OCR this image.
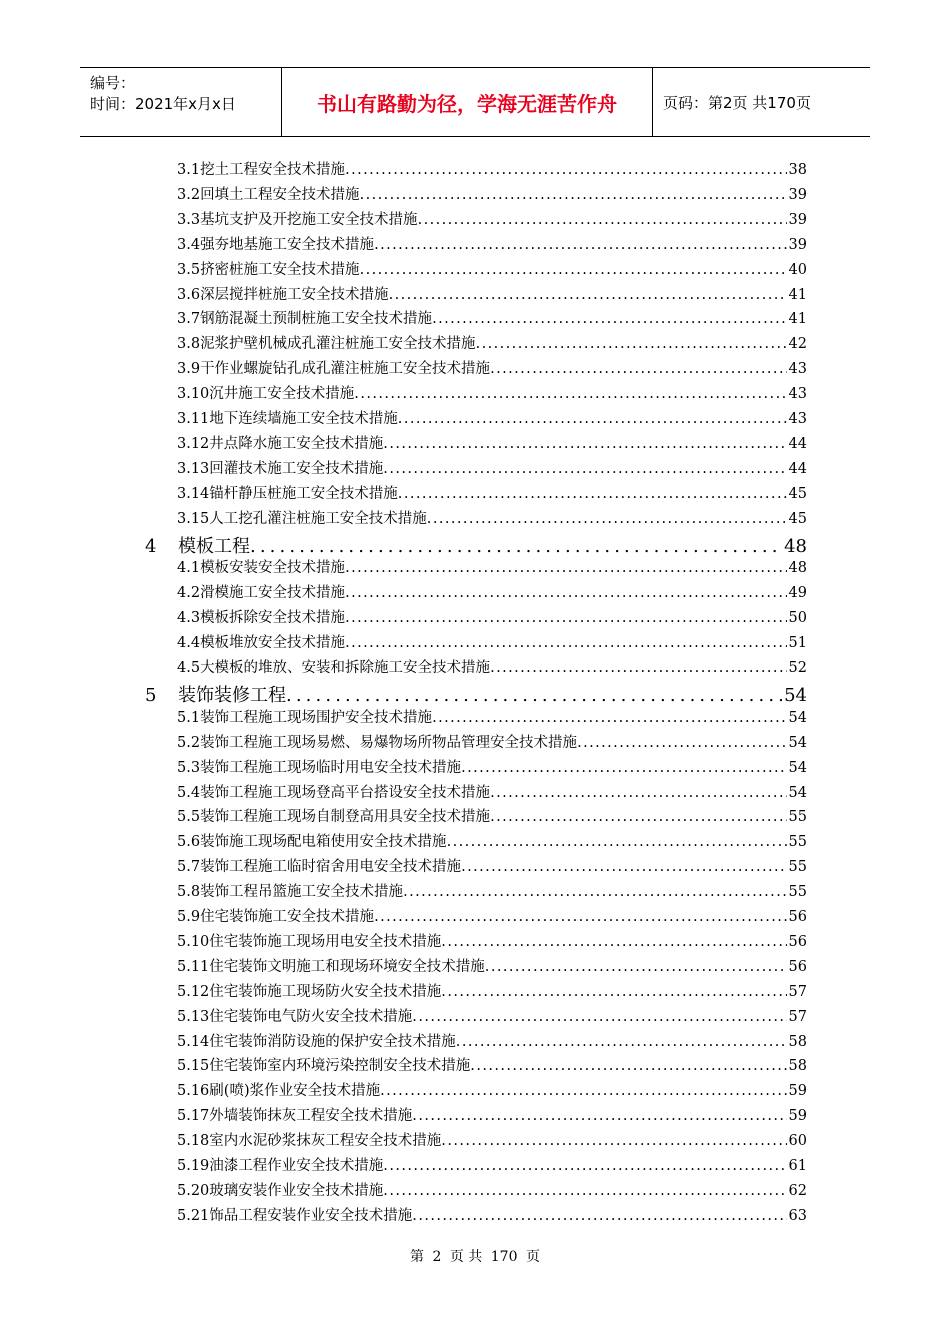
编号：
时间：2021年x月x日	书山有路勤为径，学海无涯苦作舟	页码：第2页 共170页
3.1 挖土工程安全技术措施 . . .	38
3.2 回填土工程安全技术措施 . . .	39
3.3 基坑支护及开挖施工安全技术措施 . . .	39
3.4 强夯地基施工安全技术措施 . . .	39
3.5 挤密桩施工安全技术措施 . . .	40
3.6 深层搅拌桩施工安全技术措施 . . .	41
3.7 钢筋混凝土预制桩施工安全技术措施 . . .	41
3.8 泥浆护壁机械成孔灌注桩施工安全技术措施 . . .	42
3.9 干作业螺旋钻孔成孔灌注桩施工安全技术措施 . . .	43
3.10 沉井施工安全技术措施 . . .	43
3.11 地下连续墙施工安全技术措施 . . .	43
3.12 井点降水施工安全技术措施 . . .	44
3.13 回灌技术施工安全技术措施 . . .	44
3.14 锚杆静压桩施工安全技术措施 . . .	45
3.15 人工挖孔灌注桩施工安全技术措施 . . .	45
4	模板工程 . . .	48
4.1 模板安装安全技术措施 . . .	48
4.2 滑模施工安全技术措施 . . .	49
4.3 模板拆除安全技术措施 . . .	50
4.4 模板堆放安全技术措施 . . .	51
4.5 大模板的堆放、安装和拆除施工安全技术措施 . . .	52
5	装饰装修工程 . . .	54
5.1 装饰工程施工现场围护安全技术措施 . . .	54
5.2 装饰工程施工现场易燃、易爆物场所物品管理安全技术措施 . . .	54
5.3 装饰工程施工现场临时用电安全技术措施 . . .	54
5.4 装饰工程施工现场登高平台搭设安全技术措施 . . .	54
5.5 装饰工程施工现场自制登高用具安全技术措施 . . .	55
5.6 装饰施工现场配电箱使用安全技术措施 . . .	55
5.7 装饰工程施工临时宿舍用电安全技术措施 . . .	55
5.8 装饰工程吊篮施工安全技术措施 . . .	55
5.9 住宅装饰施工安全技术措施 . . .	56
5.10 住宅装饰施工现场用电安全技术措施 . . .	56
5.11 住宅装饰文明施工和现场环境安全技术措施 . . .	56
5.12 住宅装饰施工现场防火安全技术措施 . . .	57
5.13 住宅装饰电气防火安全技术措施 . . .	57
5.14 住宅装饰消防设施的保护安全技术措施 . . .	58
5.15 住宅装饰室内环境污染控制安全技术措施 . . .	58
5.16 刷(喷)浆作业安全技术措施 . . .	59
5.17 外墙装饰抹灰工程安全技术措施 . . .	59
5.18 室内水泥砂浆抹灰工程安全技术措施 . . .	60
5.19 油漆工程作业安全技术措施 . . .	61
5.20 玻璃安装作业安全技术措施 . . .	62
5.21 饰品工程安装作业安全技术措施 . . .	63
第 2 页 共 170 页
